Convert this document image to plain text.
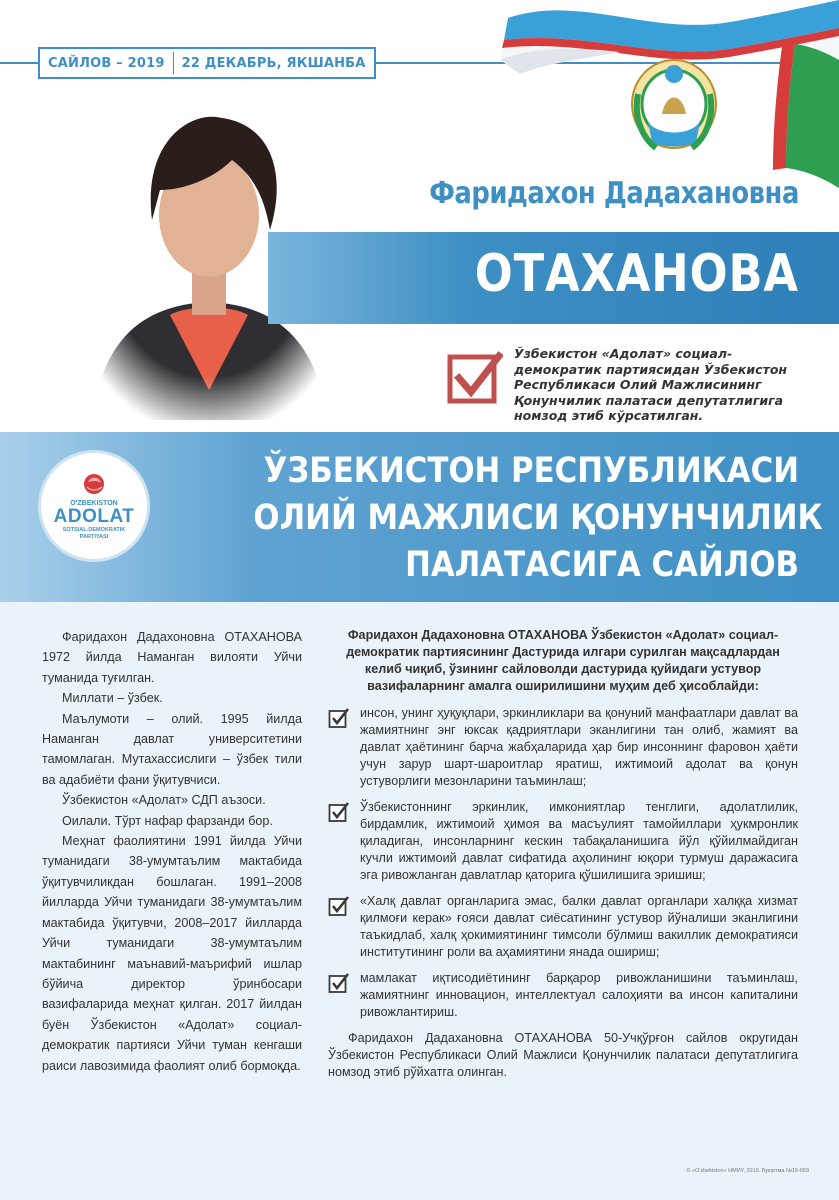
САЙЛОВ – 2019 22 ДЕКАБРЬ, ЯКШАНБА
Фаридахон Дадахановна
ОТАХАНОВА
Ўзбекистон «Адолат» социал-демократик партиясидан Ўзбекистон Республикаси Олий Мажлисининг Қонунчилик палатаси депутатлигига номзод этиб кўрсатилган.
ЎЗБЕКИСТОН РЕСПУБЛИКАСИ
ОЛИЙ МАЖЛИСИ ҚОНУНЧИЛИК
ПАЛАТАСИГА САЙЛОВ
O'ZBEKISTON
ADOLAT
SOTSIAL-DEMOKRATIK
PARTIYASI

Фаридахон Дадахоновна ОТАХАНОВА 1972 йилда Наманган вилояти Уйчи туманида туғилган.

Миллати – ўзбек.

Маълумоти – олий. 1995 йилда Наманган давлат университетини тамомлаган. Мутахассислиги – ўзбек тили ва адабиёти фани ўқитувчиси.

Ўзбекистон «Адолат» СДП аъзоси.

Оилали. Тўрт нафар фарзанди бор.

Меҳнат фаолиятини 1991 йилда Уйчи туманидаги 38-умумтаълим мактабида ўқитувчиликдан бошлаган. 1991–2008 йилларда Уйчи туманидаги 38-умумтаълим мактабида ўқитувчи, 2008–2017 йилларда Уйчи туманидаги 38-умумтаълим мактабининг маънавий-маърифий ишлар бўйича директор ўринбосари вазифаларида меҳнат қилган. 2017 йилдан буён Ўзбекистон «Адолат» социал-демократик партияси Уйчи туман кенгаши раиси лавозимида фаолият олиб бормоқда.

Фаридахон Дадахоновна ОТАХАНОВА Ўзбекистон «Адолат» социал-демократик партиясининг Дастурида илгари сурилган мақсадлардан келиб чиқиб, ўзининг сайловолди дастурида қуйидаги устувор вазифаларнинг амалга оширилишини муҳим деб ҳисоблайди:

инсон, унинг ҳуқуқлари, эркинликлари ва қонуний манфаатлари давлат ва жамиятнинг энг юксак қадриятлари эканлигини тан олиб, жамият ва давлат ҳаётининг барча жабҳаларида ҳар бир инсоннинг фаровон ҳаёти учун зарур шарт-шароитлар яратиш, ижтимоий адолат ва қонун устуворлиги мезонларини таъминлаш;
Ўзбекистоннинг эркинлик, имкониятлар тенглиги, адолатлилик, бирдамлик, ижтимоий ҳимоя ва масъулият тамойиллари ҳукмронлик қиладиган, инсонларнинг кескин табақаланишига йўл қўйилмайдиган кучли ижтимоий давлат сифатида аҳолининг юқори турмуш даражасига эга ривожланган давлатлар қаторига қўшилишига эришиш;
«Халқ давлат органларига эмас, балки давлат органлари халққа хизмат қилмоғи керак» ғояси давлат сиёсатининг устувор йўналиши эканлигини таъкидлаб, халқ ҳокимиятининг тимсоли бўлмиш вакиллик демократияси институтининг роли ва аҳамиятини янада ошириш;
мамлакат иқтисодиётининг барқарор ривожланишини таъминлаш, жамиятнинг инновацион, интеллектуал салоҳияти ва инсон капиталини ривожлантириш.

Фаридахон Дадахановна ОТАХАНОВА 50-Учқўрғон сайлов округидан Ўзбекистон Республикаси Олий Мажлиси Қонунчилик палатаси депутатлигига номзод этиб рўйхатга олинган.

© «O'zbekiston» НМИУ, 2019. Буюртма №19-659
